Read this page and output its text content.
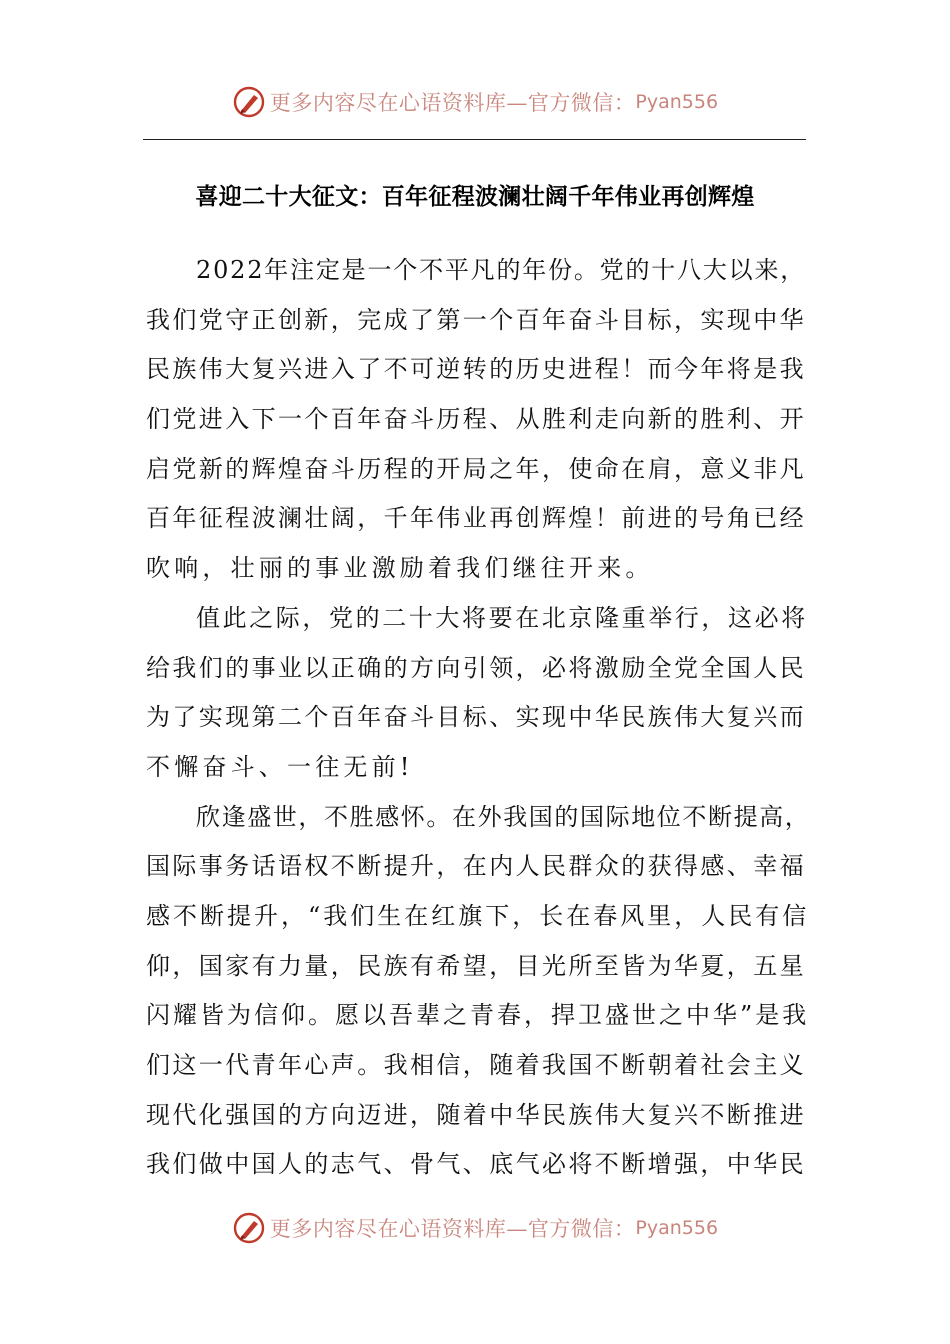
更多内容尽在心语资料库—官方微信： Pyan556
喜迎二十大征文：百年征程波澜壮阔千年伟业再创辉煌
2022年注定是一个不平凡的年份。党的十八大以来，
我们党守正创新，完成了第一个百年奋斗目标，实现中华
民族伟大复兴进入了不可逆转的历史进程！而今年将是我
们党进入下一个百年奋斗历程、从胜利走向新的胜利、开
启党新的辉煌奋斗历程的开局之年，使命在肩，意义非凡
百年征程波澜壮阔，千年伟业再创辉煌！前进的号角已经
吹响，壮丽的事业激励着我们继往开来。
值此之际，党的二十大将要在北京隆重举行，这必将
给我们的事业以正确的方向引领，必将激励全党全国人民
为了实现第二个百年奋斗目标、实现中华民族伟大复兴而
不懈奋斗、一往无前!
欣逢盛世，不胜感怀。在外我国的国际地位不断提高，
国际事务话语权不断提升，在内人民群众的获得感、幸福
感不断提升，“我们生在红旗下，长在春风里，人民有信
仰，国家有力量，民族有希望，目光所至皆为华夏，五星
闪耀皆为信仰。愿以吾辈之青春，捍卫盛世之中华”是我
们这一代青年心声。我相信，随着我国不断朝着社会主义
现代化强国的方向迈进，随着中华民族伟大复兴不断推进
我们做中国人的志气、骨气、底气必将不断增强，中华民
更多内容尽在心语资料库—官方微信： Pyan556
